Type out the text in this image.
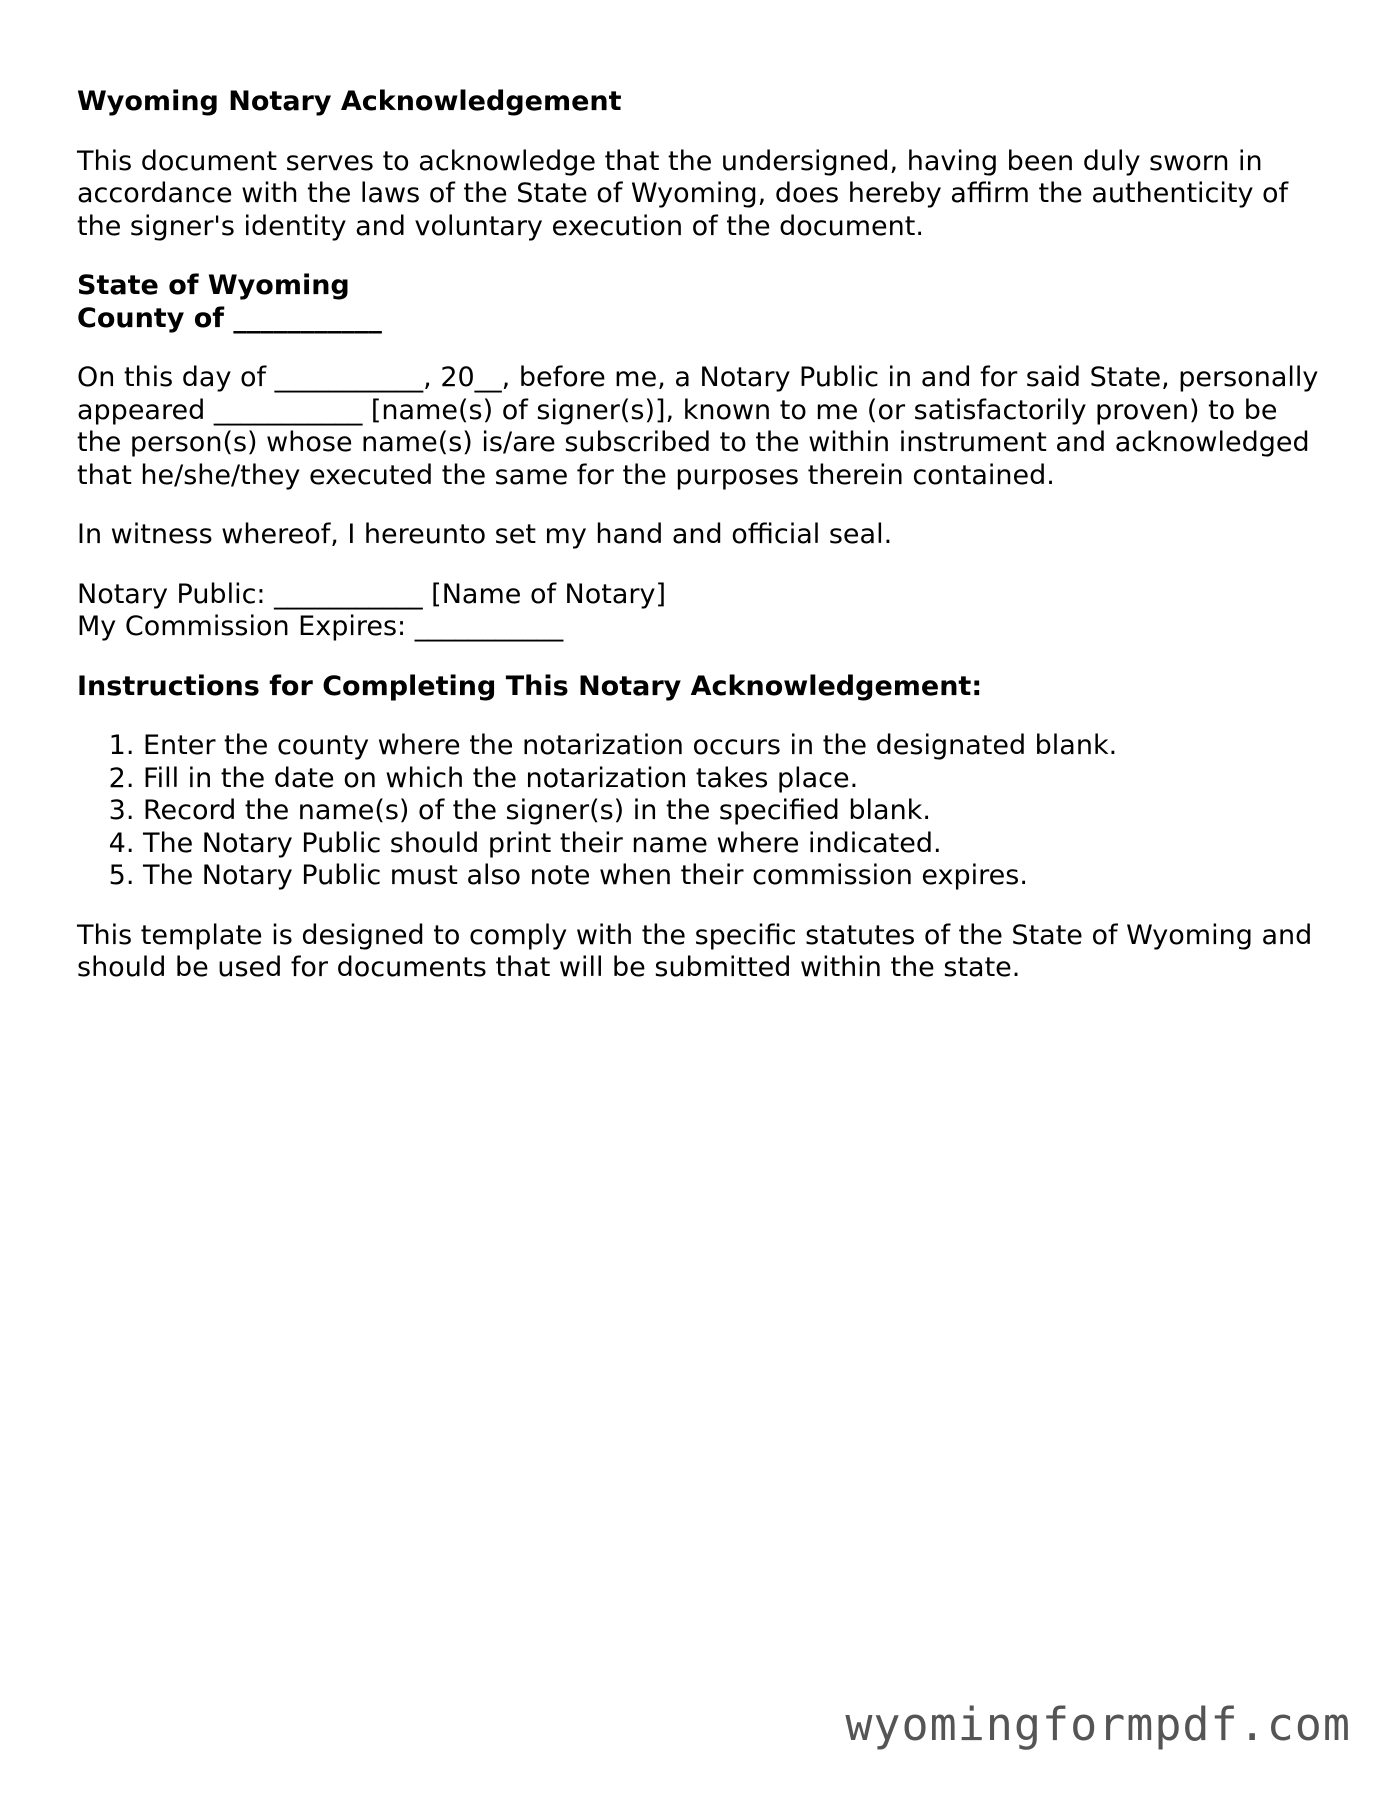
Wyoming Notary Acknowledgement
This document serves to acknowledge that the undersigned, having been duly sworn in accordance with the laws of the State of Wyoming, does hereby affirm the authenticity of the signer's identity and voluntary execution of the document.
State of Wyoming
County of ___________
On this day of ___________, 20__, before me, a Notary Public in and for said State, personally appeared ___________ [name(s) of signer(s)], known to me (or satisfactorily proven) to be the person(s) whose name(s) is/are subscribed to the within instrument and acknowledged that he/she/they executed the same for the purposes therein contained.
In witness whereof, I hereunto set my hand and official seal.
Notary Public: ___________ [Name of Notary]
My Commission Expires: ___________
Instructions for Completing This Notary Acknowledgement:
1. Enter the county where the notarization occurs in the designated blank.
2. Fill in the date on which the notarization takes place.
3. Record the name(s) of the signer(s) in the specified blank.
4. The Notary Public should print their name where indicated.
5. The Notary Public must also note when their commission expires.
This template is designed to comply with the specific statutes of the State of Wyoming and should be used for documents that will be submitted within the state.
wyomingformpdf.com
